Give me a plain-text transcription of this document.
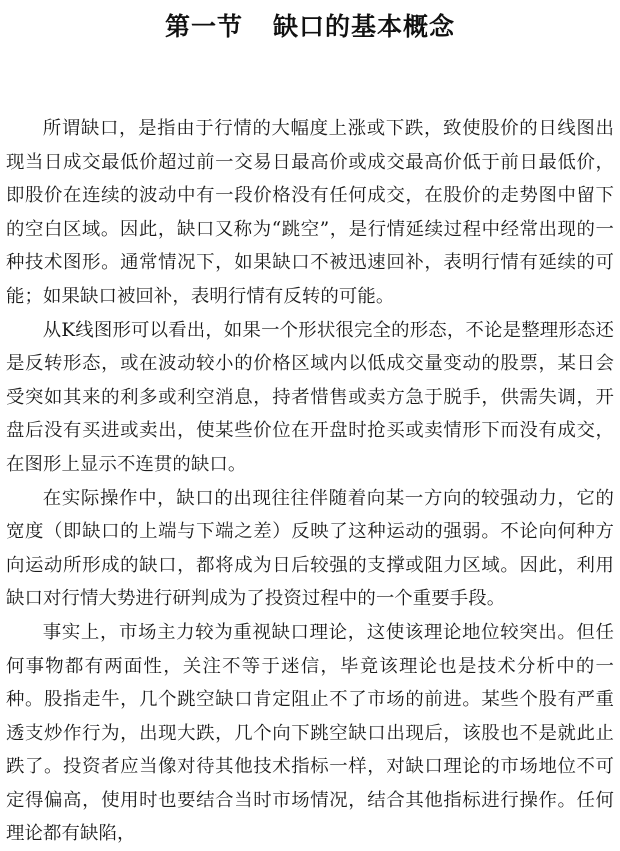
第一节 缺口的基本概念

所谓缺口，是指由于行情的大幅度上涨或下跌，致使股价的日线图出现当日成交最低价超过前一交易日最高价或成交最高价低于前日最低价，即股价在连续的波动中有一段价格没有任何成交，在股价的走势图中留下的空白区域。因此，缺口又称为“跳空”，是行情延续过程中经常出现的一种技术图形。通常情况下，如果缺口不被迅速回补，表明行情有延续的可能；如果缺口被回补，表明行情有反转的可能。

从K线图形可以看出，如果一个形状很完全的形态，不论是整理形态还是反转形态，或在波动较小的价格区域内以低成交量变动的股票，某日会受突如其来的利多或利空消息，持者惜售或卖方急于脱手，供需失调，开盘后没有买进或卖出，使某些价位在开盘时抢买或卖情形下而没有成交，在图形上显示不连贯的缺口。

在实际操作中，缺口的出现往往伴随着向某一方向的较强动力，它的宽度（即缺口的上端与下端之差）反映了这种运动的强弱。不论向何种方向运动所形成的缺口，都将成为日后较强的支撑或阻力区域。因此，利用缺口对行情大势进行研判成为了投资过程中的一个重要手段。

事实上，市场主力较为重视缺口理论，这使该理论地位较突出。但任何事物都有两面性，关注不等于迷信，毕竟该理论也是技术分析中的一种。股指走牛，几个跳空缺口肯定阻止不了市场的前进。某些个股有严重透支炒作行为，出现大跌，几个向下跳空缺口出现后，该股也不是就此止跌了。投资者应当像对待其他技术指标一样，对缺口理论的市场地位不可定得偏高，使用时也要结合当时市场情况，结合其他指标进行操作。任何理论都有缺陷，
